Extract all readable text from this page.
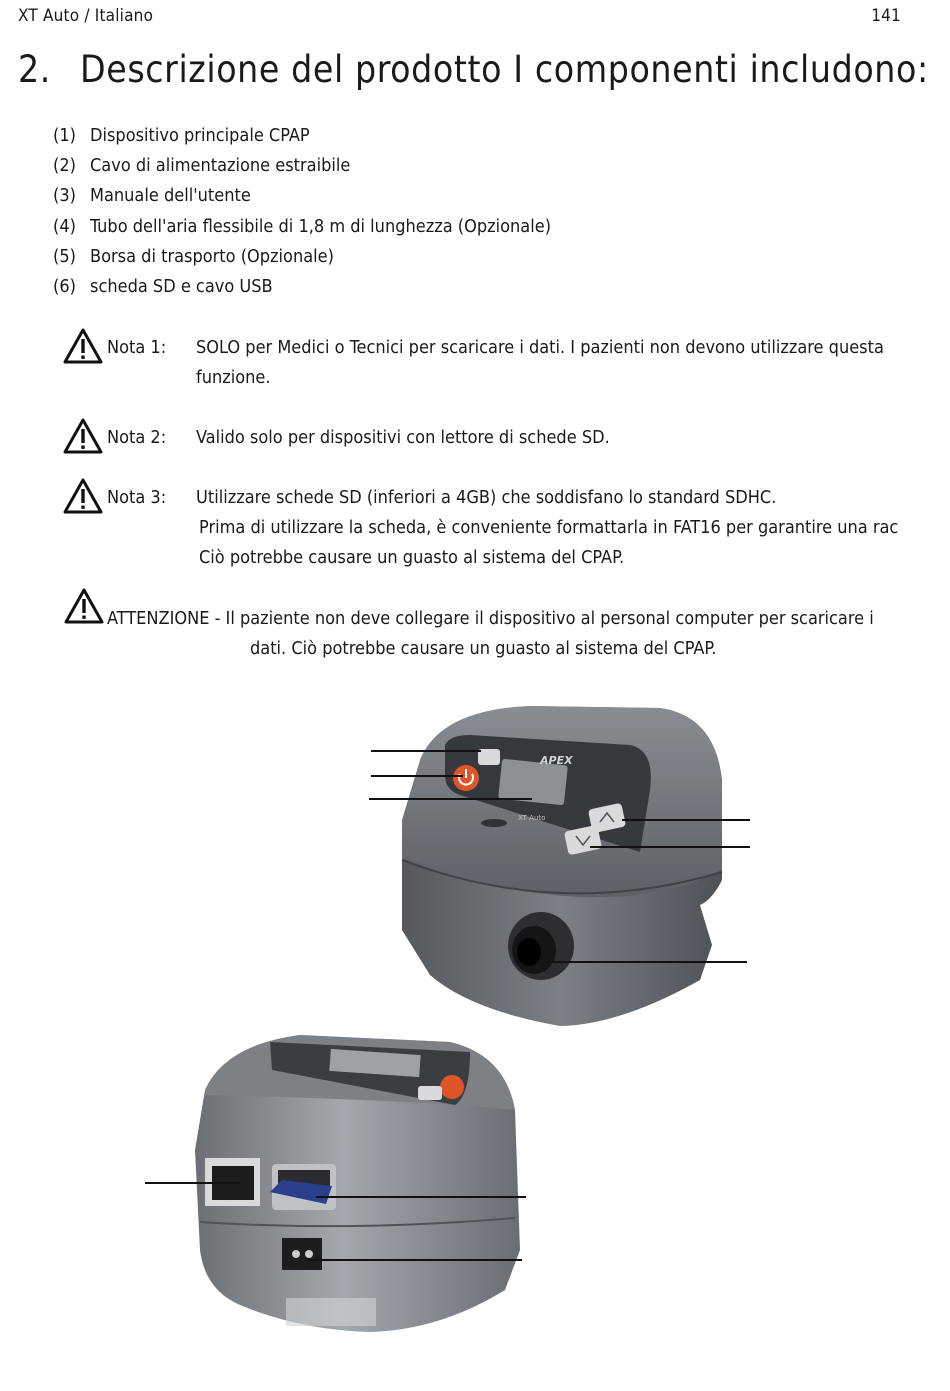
XT Auto / Italiano	141
2. Descrizione del prodotto I componenti includono:
(1) Dispositivo principale CPAP
(2) Cavo di alimentazione estraibile
(3) Manuale dell'utente
(4) Tubo dell'aria flessibile di 1,8 m di lunghezza (Opzionale)
(5) Borsa di trasporto (Opzionale)
(6) scheda SD e cavo USB
Nota 1: SOLO per Medici o Tecnici per scaricare i dati. I pazienti non devono utilizzare questa
funzione.
Nota 2: Valido solo per dispositivi con lettore di schede SD.
Nota 3: Utilizzare schede SD (inferiori a 4GB) che soddisfano lo standard SDHC.
Prima di utilizzare la scheda, è conveniente formattarla in FAT16 per garantire una rac
Ciò potrebbe causare un guasto al sistema del CPAP.
ATTENZIONE - Il paziente non deve collegare il dispositivo al personal computer per scaricare i
dati. Ciò potrebbe causare un guasto al sistema del CPAP.
APEX
XT Auto
